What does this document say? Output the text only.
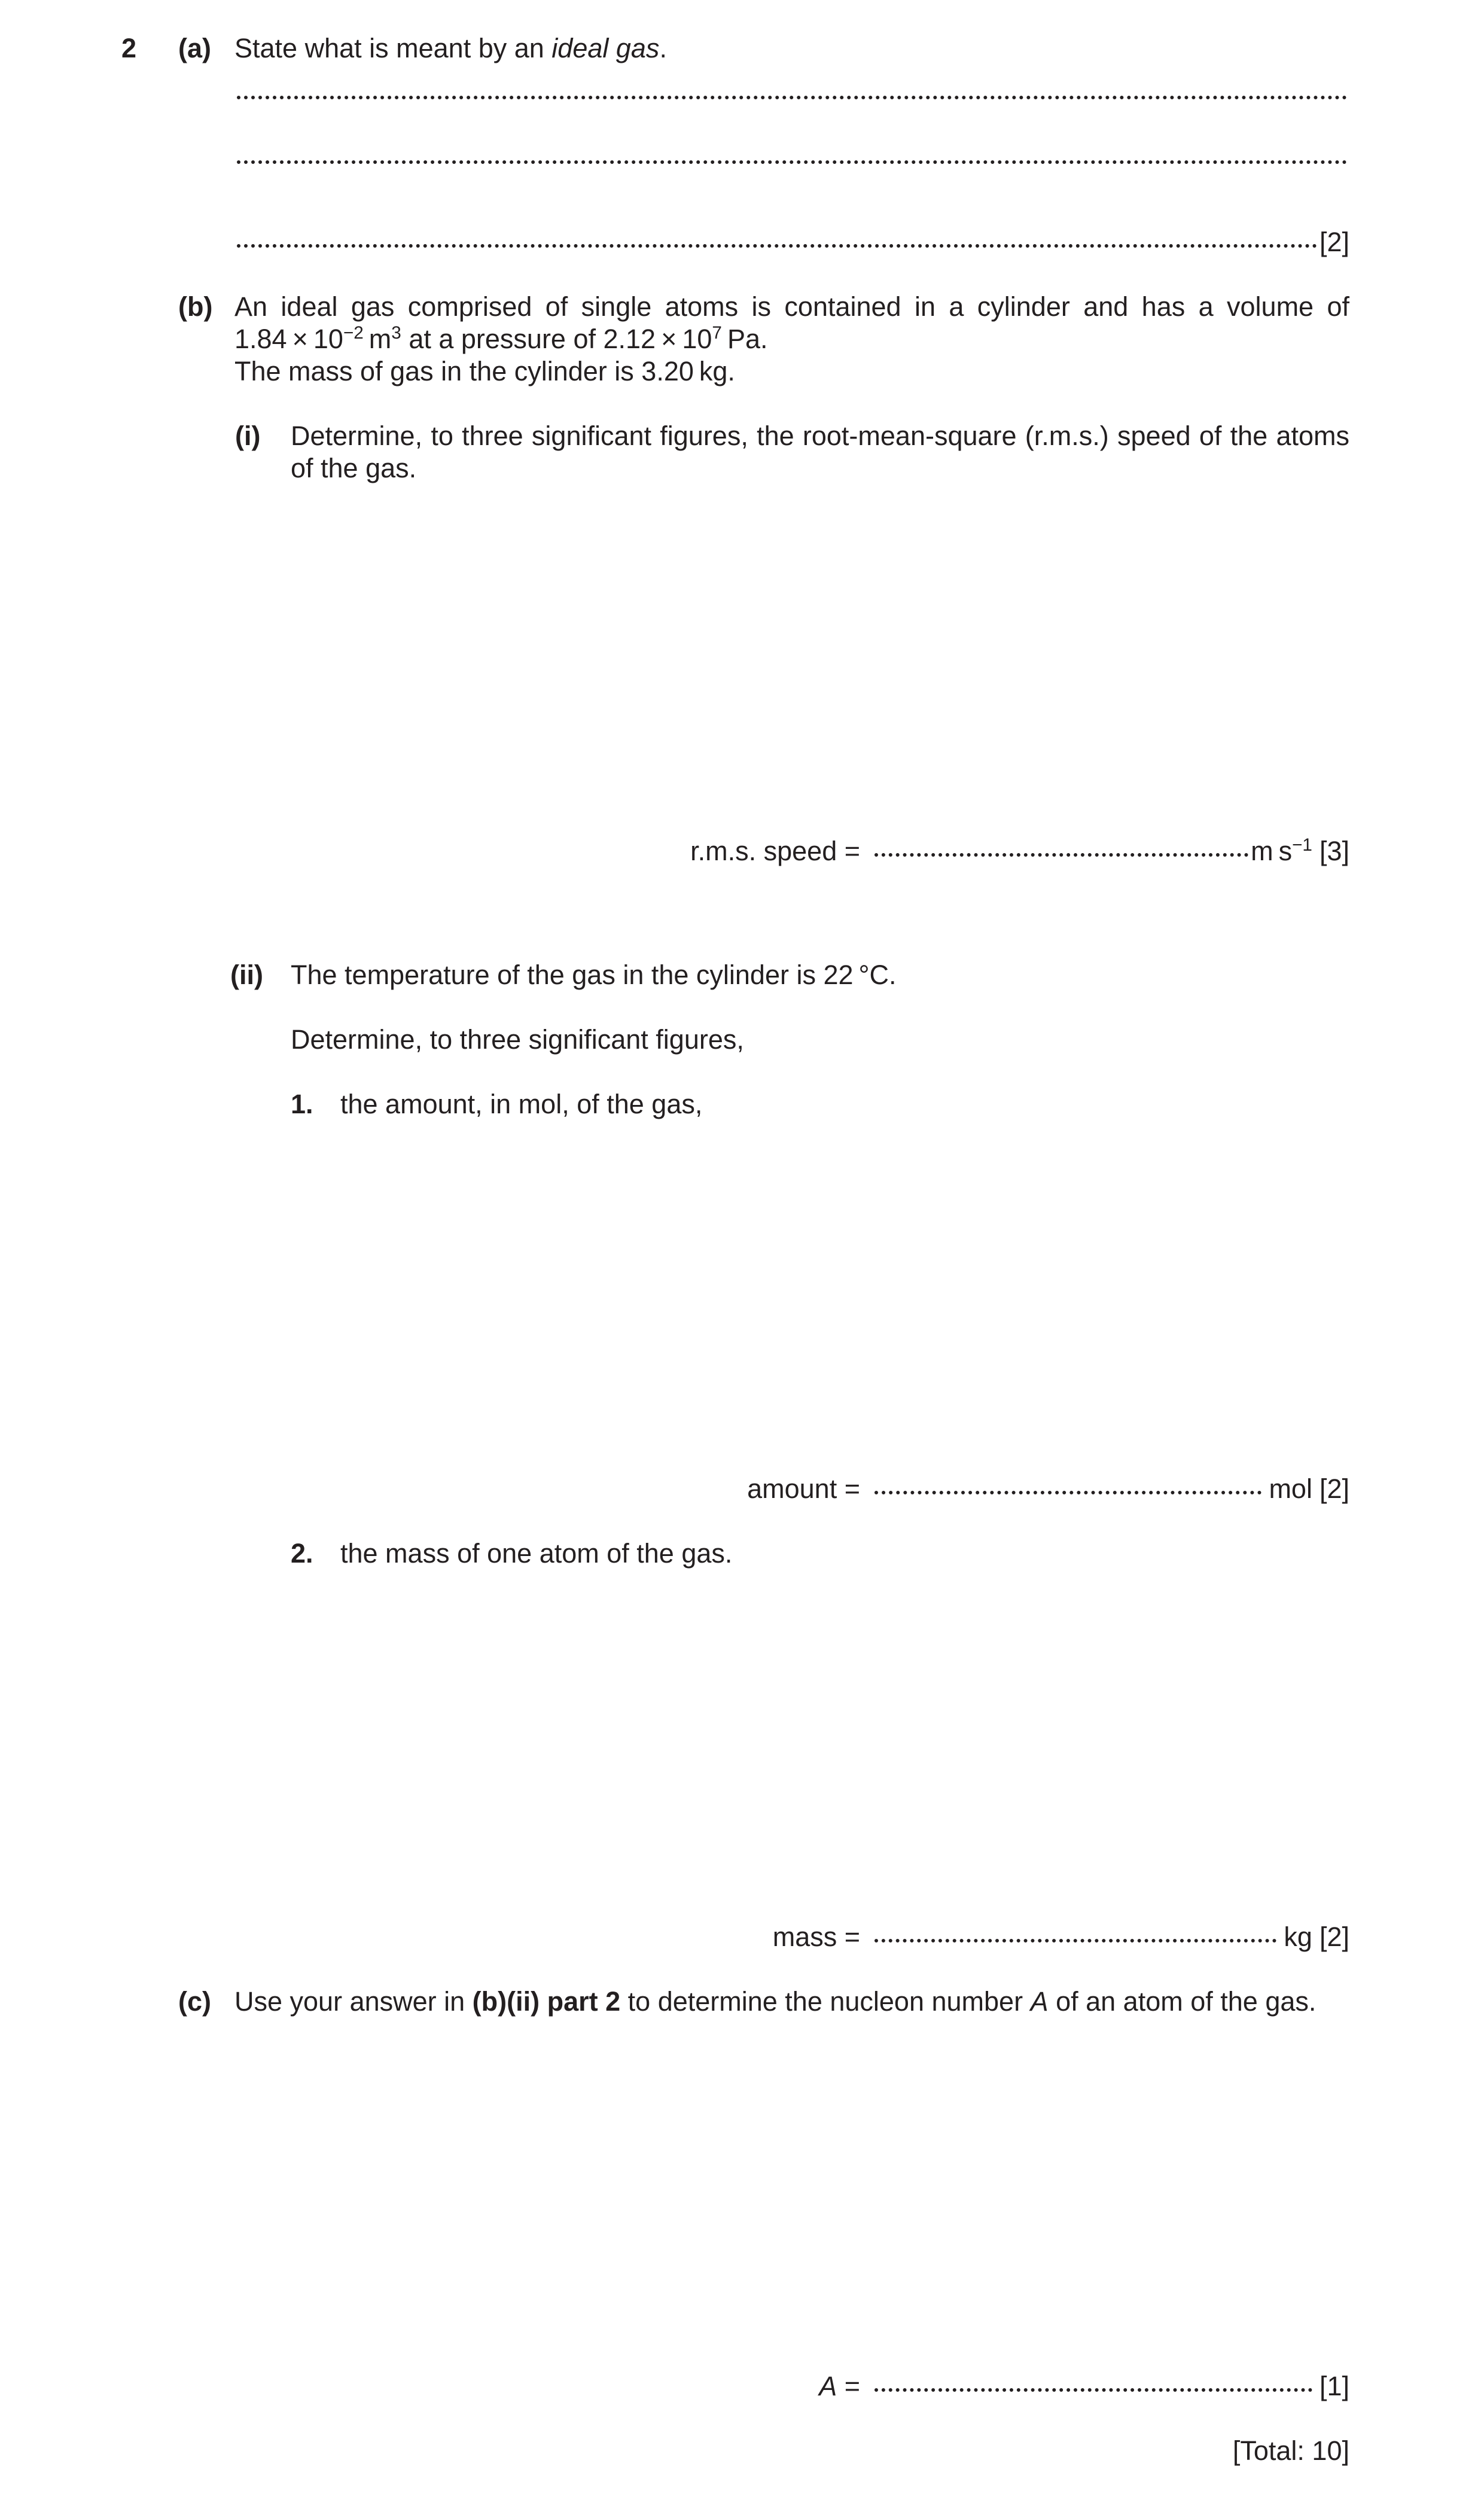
2 (a) State what is meant by an ideal gas.
[2]
(b) An ideal gas comprised of single atoms is contained in a cylinder and has a volume of
$1.84 \times 10^{-2}$ $m^3$ at a pressure of $2.12 \times 10^7$ Pa.
The mass of gas in the cylinder is 3.20 kg.
(i) Determine, to three significant figures, the root-mean-square (r.m.s.) speed of the atoms
of the gas.
r.m.s. speed =	m $s^{-1}$ [3]
(ii) The temperature of the gas in the cylinder is 22 °C.
Determine, to three significant figures,
1. the amount, in mol, of the gas,
amount =	mol [2]
2. the mass of one atom of the gas.
mass =	kg [2]
(c) Use your answer in (b)(ii) part 2 to determine the nucleon number A of an atom of the gas.
A =	[1]
[Total: 10]
